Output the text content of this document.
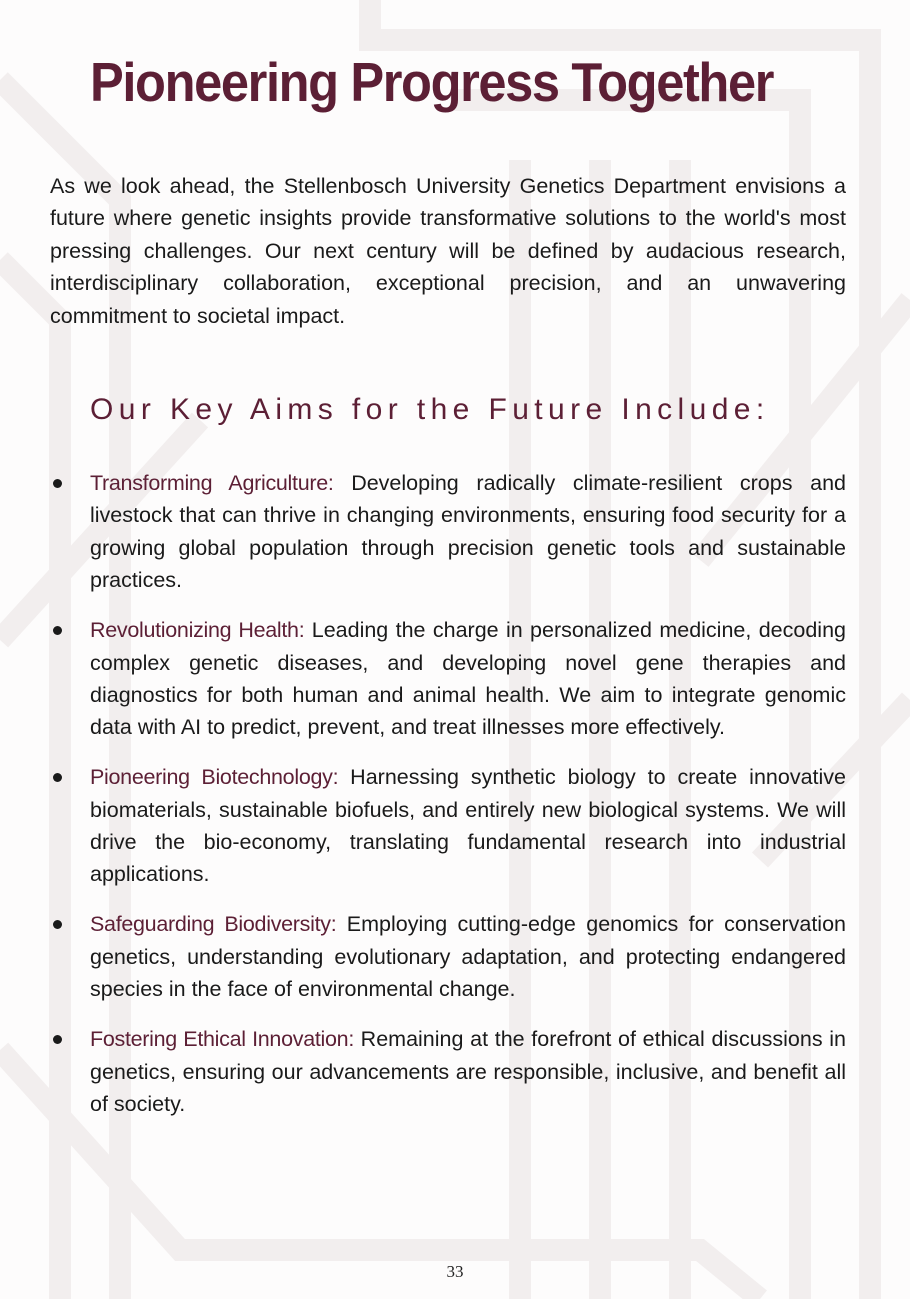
Pioneering Progress Together

As we look ahead, the Stellenbosch University Genetics Department envisions a future where genetic insights provide transformative solutions to the world's most pressing challenges. Our next century will be defined by audacious research, interdisciplinary collaboration, exceptional precision, and an unwavering commitment to societal impact.

Our Key Aims for the Future Include:
Transforming Agriculture: Developing radically climate-resilient crops and livestock that can thrive in changing environments, ensuring food security for a growing global population through precision genetic tools and sustainable practices.
Revolutionizing Health: Leading the charge in personalized medicine, decoding complex genetic diseases, and developing novel gene therapies and diagnostics for both human and animal health. We aim to integrate genomic data with AI to predict, prevent, and treat illnesses more effectively.
Pioneering Biotechnology: Harnessing synthetic biology to create innovative biomaterials, sustainable biofuels, and entirely new biological systems. We will drive the bio-economy, translating fundamental research into industrial applications.
Safeguarding Biodiversity: Employing cutting-edge genomics for conservation genetics, understanding evolutionary adaptation, and protecting endangered species in the face of environmental change.
Fostering Ethical Innovation: Remaining at the forefront of ethical discussions in genetics, ensuring our advancements are responsible, inclusive, and benefit all of society.
33
